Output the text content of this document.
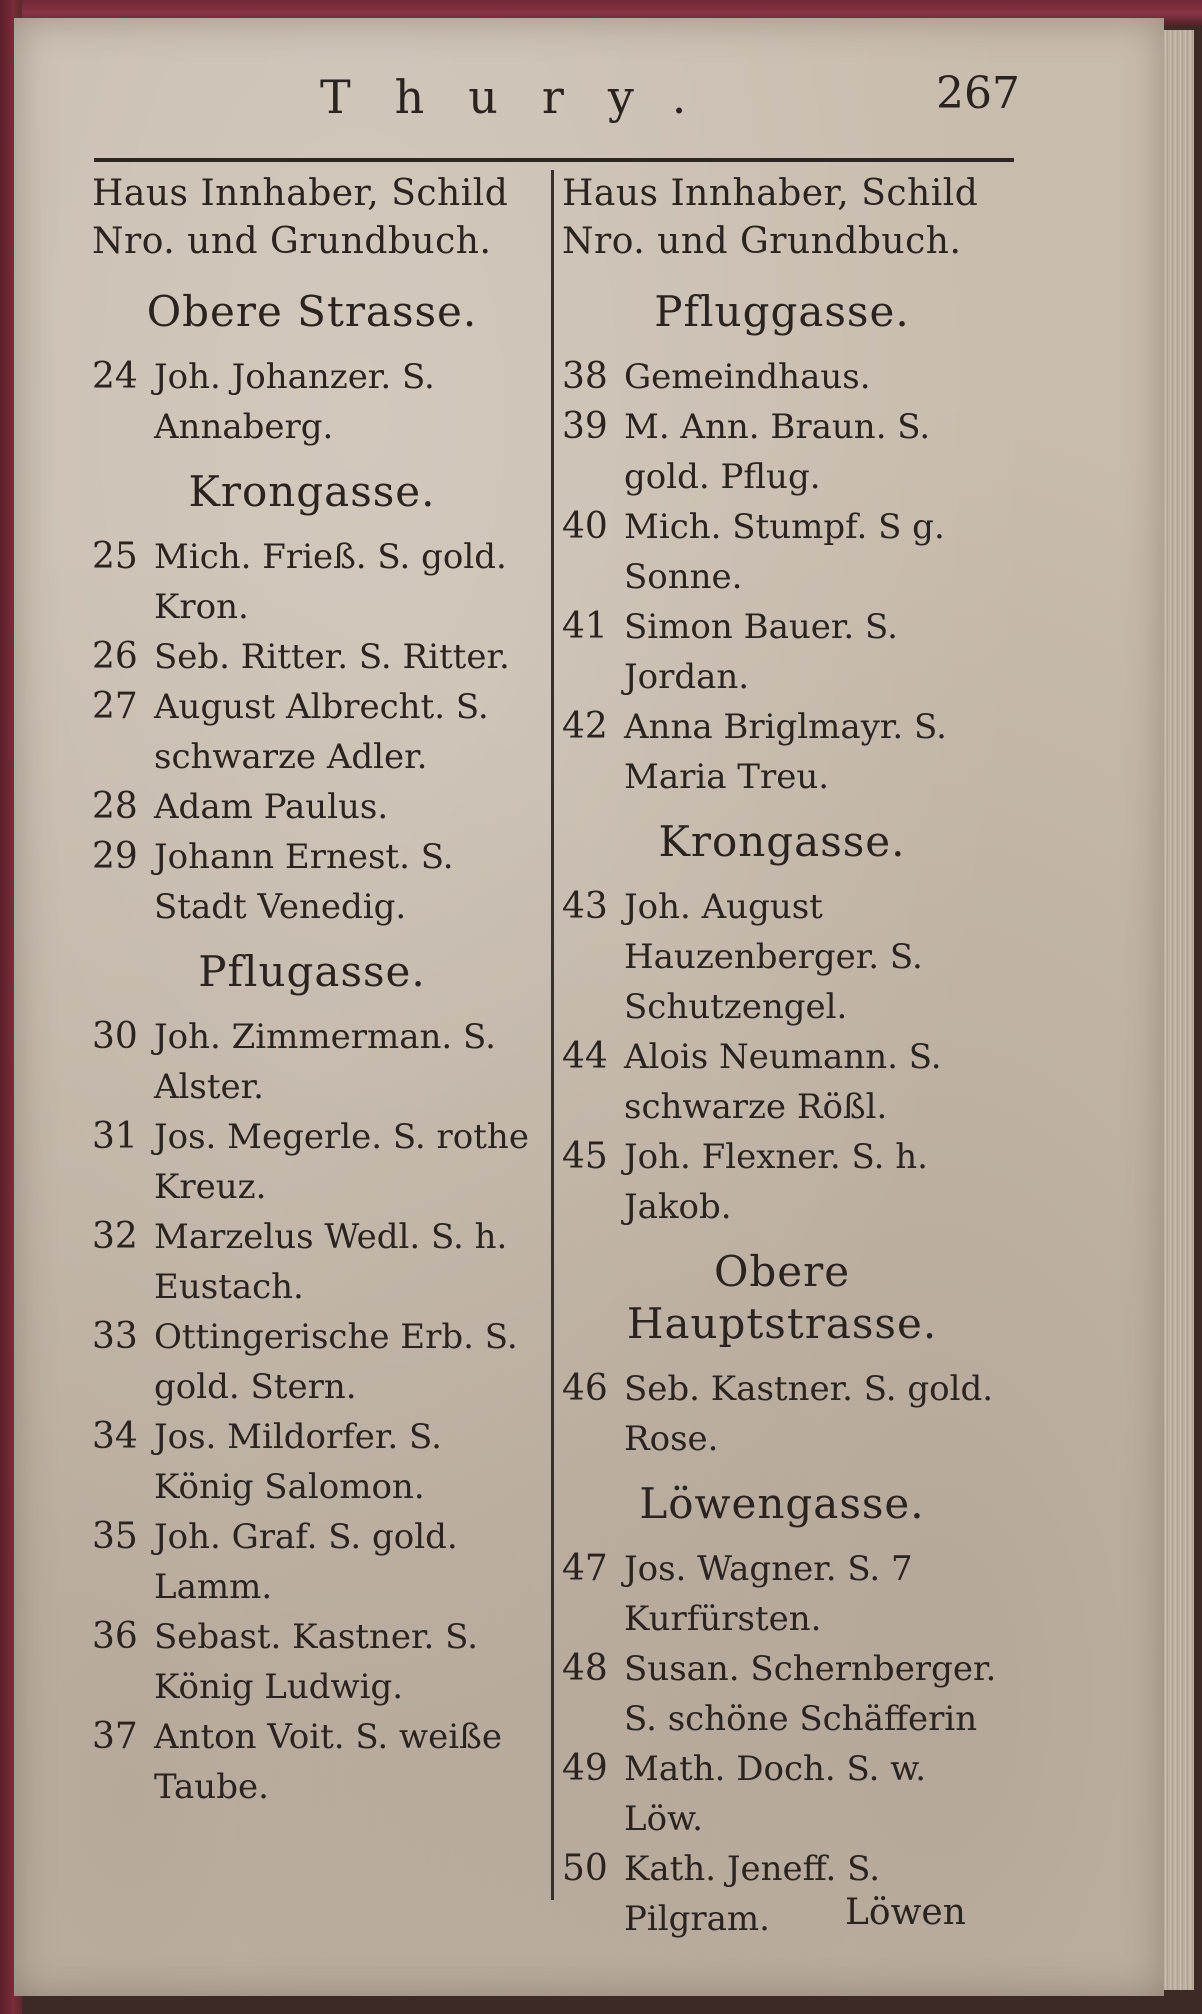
Thury.	267
Haus Innhaber, Schild
Nro. und Grundbuch.
Obere Strasse.
24 Joh. Johanzer. S. Annaberg.
Krongasse.
25 Mich. Frieß. S. gold. Kron.
26 Seb. Ritter. S. Ritter.
27 August Albrecht. S. schwarze Adler.
28 Adam Paulus.
29 Johann Ernest. S. Stadt Venedig.
Pflugasse.
30 Joh. Zimmerman. S. Alster.
31 Jos. Megerle. S. rothe Kreuz.
32 Marzelus Wedl. S. h. Eustach.
33 Ottingerische Erb. S. gold. Stern.
34 Jos. Mildorfer. S. König Salomon.
35 Joh. Graf. S. gold. Lamm.
36 Sebast. Kastner. S. König Ludwig.
37 Anton Voit. S. weiße Taube.
Haus Innhaber, Schild
Nro. und Grundbuch.
Pfluggasse.
38 Gemeindhaus.
39 M. Ann. Braun. S. gold. Pflug.
40 Mich. Stumpf. S g. Sonne.
41 Simon Bauer. S. Jordan.
42 Anna Briglmayr. S. Maria Treu.
Krongasse.
43 Joh. August Hauzenberger. S. Schutzengel.
44 Alois Neumann. S. schwarze Rößl.
45 Joh. Flexner. S. h. Jakob.
Obere Hauptstrasse.
46 Seb. Kastner. S. gold. Rose.
Löwengasse.
47 Jos. Wagner. S. 7 Kurfürsten.
48 Susan. Schernberger. S. schöne Schäfferin
49 Math. Doch. S. w. Löw.
50 Kath. Jeneff. S. Pilgram.	Löwen
